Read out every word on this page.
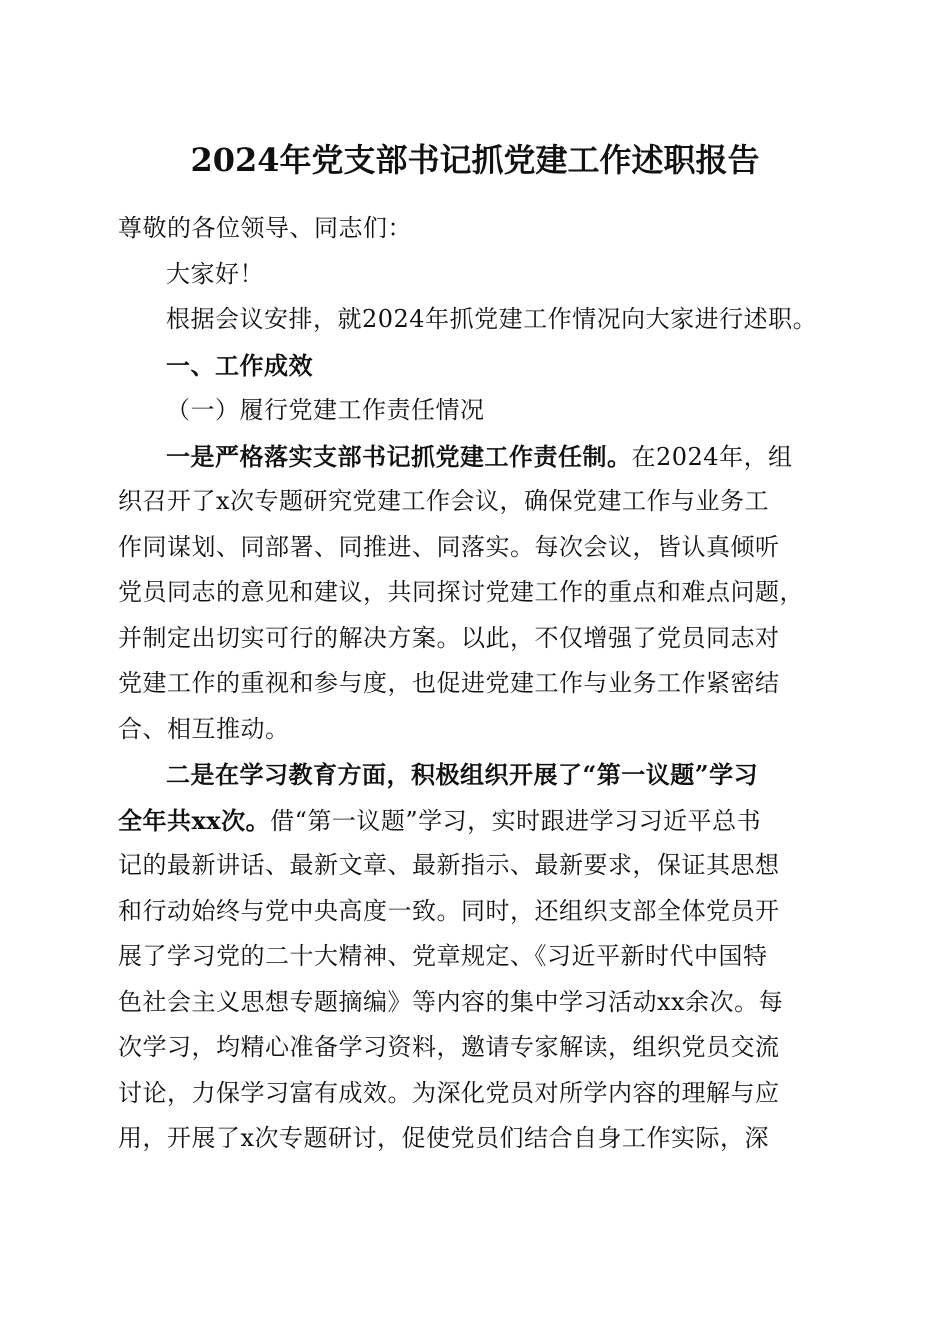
2024年党支部书记抓党建工作述职报告

尊敬的各位领导、同志们：

大家好！

根据会议安排，就2024年抓党建工作情况向大家进行述职。

一、工作成效

（一）履行党建工作责任情况

一是严格落实支部书记抓党建工作责任制。在2024年，组

织召开了x次专题研究党建工作会议，确保党建工作与业务工

作同谋划、同部署、同推进、同落实。每次会议，皆认真倾听

党员同志的意见和建议，共同探讨党建工作的重点和难点问题，

并制定出切实可行的解决方案。以此，不仅增强了党员同志对

党建工作的重视和参与度，也促进党建工作与业务工作紧密结

合、相互推动。

二是在学习教育方面，积极组织开展了“第一议题”学习

全年共xx次。借“第一议题”学习，实时跟进学习习近平总书

记的最新讲话、最新文章、最新指示、最新要求，保证其思想

和行动始终与党中央高度一致。同时，还组织支部全体党员开

展了学习党的二十大精神、党章规定、《习近平新时代中国特

色社会主义思想专题摘编》等内容的集中学习活动xx余次。每

次学习，均精心准备学习资料，邀请专家解读，组织党员交流

讨论，力保学习富有成效。为深化党员对所学内容的理解与应

用，开展了x次专题研讨，促使党员们结合自身工作实际，深
